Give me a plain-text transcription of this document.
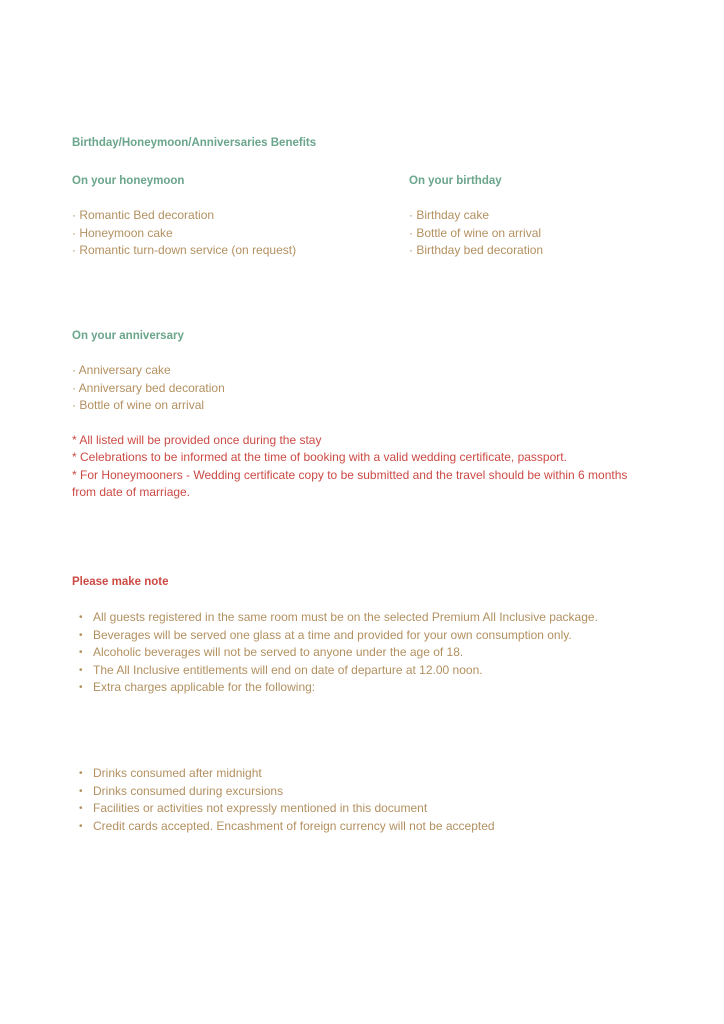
Birthday/Honeymoon/Anniversaries Benefits
On your honeymoon
· Romantic Bed decoration
· Honeymoon cake
· Romantic turn-down service (on request)
On your birthday
· Birthday cake
· Bottle of wine on arrival
· Birthday bed decoration
On your anniversary
· Anniversary cake
· Anniversary bed decoration
· Bottle of wine on arrival
* All listed will be provided once during the stay
* Celebrations to be informed at the time of booking with a valid wedding certificate, passport.
* For Honeymooners - Wedding certificate copy to be submitted and the travel should be within 6 months from date of marriage.
Please make note
• All guests registered in the same room must be on the selected Premium All Inclusive package.
• Beverages will be served one glass at a time and provided for your own consumption only.
• Alcoholic beverages will not be served to anyone under the age of 18.
• The All Inclusive entitlements will end on date of departure at 12.00 noon.
• Extra charges applicable for the following:
• Drinks consumed after midnight
• Drinks consumed during excursions
• Facilities or activities not expressly mentioned in this document
• Credit cards accepted. Encashment of foreign currency will not be accepted
